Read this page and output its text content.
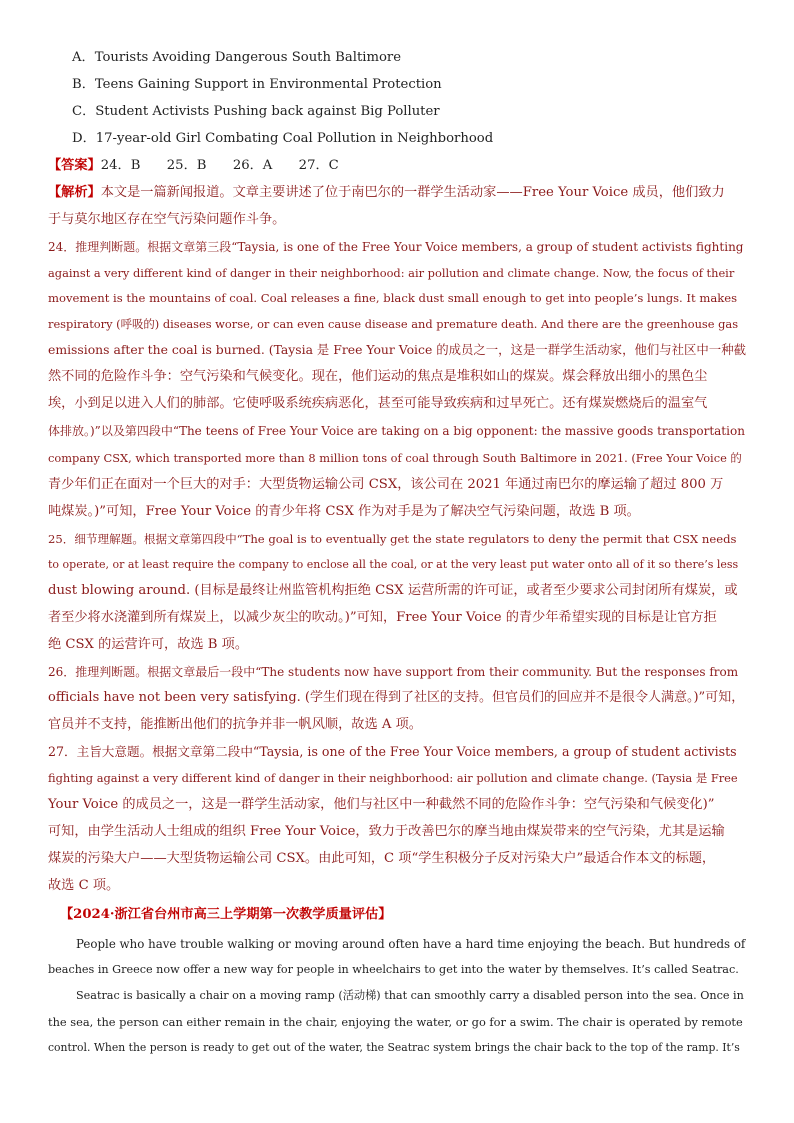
A．Tourists Avoiding Dangerous South Baltimore
B．Teens Gaining Support in Environmental Protection
C．Student Activists Pushing back against Big Polluter
D．17-year-old Girl Combating Coal Pollution in Neighborhood
【答案】24．B　　25．B　　26．A　　27．C
【解析】本文是一篇新闻报道。文章主要讲述了位于南巴尔的一群学生活动家——Free Your Voice 成员，他们致力
于与莫尔地区存在空气污染问题作斗争。
24．推理判断题。根据文章第三段“Taysia, is one of the Free Your Voice members, a group of student activists fighting
against a very different kind of danger in their neighborhood: air pollution and climate change. Now, the focus of their
movement is the mountains of coal. Coal releases a fine, black dust small enough to get into people’s lungs. It makes
respiratory (呼吸的) diseases worse, or can even cause disease and premature death. And there are the greenhouse gas
emissions after the coal is burned. (Taysia 是 Free Your Voice 的成员之一，这是一群学生活动家，他们与社区中一种截
然不同的危险作斗争：空气污染和气候变化。现在，他们运动的焦点是堆积如山的煤炭。煤会释放出细小的黑色尘
埃，小到足以进入人们的肺部。它使呼吸系统疾病恶化，甚至可能导致疾病和过早死亡。还有煤炭燃烧后的温室气
体排放。)”以及第四段中“The teens of Free Your Voice are taking on a big opponent: the massive goods transportation
company CSX, which transported more than 8 million tons of coal through South Baltimore in 2021. (Free Your Voice 的
青少年们正在面对一个巨大的对手：大型货物运输公司 CSX，该公司在 2021 年通过南巴尔的摩运输了超过 800 万
吨煤炭。)”可知，Free Your Voice 的青少年将 CSX 作为对手是为了解决空气污染问题，故选 B 项。
25．细节理解题。根据文章第四段中“The goal is to eventually get the state regulators to deny the permit that CSX needs
to operate, or at least require the company to enclose all the coal, or at the very least put water onto all of it so there’s less
dust blowing around. (目标是最终让州监管机构拒绝 CSX 运营所需的许可证，或者至少要求公司封闭所有煤炭，或
者至少将水浇灌到所有煤炭上，以减少灰尘的吹动。)”可知，Free Your Voice 的青少年希望实现的目标是让官方拒
绝 CSX 的运营许可，故选 B 项。
26．推理判断题。根据文章最后一段中“The students now have support from their community. But the responses from
officials have not been very satisfying. (学生们现在得到了社区的支持。但官员们的回应并不是很令人满意。)”可知，
官员并不支持，能推断出他们的抗争并非一帆风顺，故选 A 项。
27．主旨大意题。根据文章第二段中“Taysia, is one of the Free Your Voice members, a group of student activists
fighting against a very different kind of danger in their neighborhood: air pollution and climate change. (Taysia 是 Free
Your Voice 的成员之一，这是一群学生活动家，他们与社区中一种截然不同的危险作斗争：空气污染和气候变化)”
可知，由学生活动人士组成的组织 Free Your Voice，致力于改善巴尔的摩当地由煤炭带来的空气污染，尤其是运输
煤炭的污染大户——大型货物运输公司 CSX。由此可知，C 项“学生积极分子反对污染大户”最适合作本文的标题，
故选 C 项。
【2024·浙江省台州市高三上学期第一次教学质量评估】
People who have trouble walking or moving around often have a hard time enjoying the beach. But hundreds of
beaches in Greece now offer a new way for people in wheelchairs to get into the water by themselves. It’s called Seatrac.
Seatrac is basically a chair on a moving ramp (活动梯) that can smoothly carry a disabled person into the sea. Once in
the sea, the person can either remain in the chair, enjoying the water, or go for a swim. The chair is operated by remote
control. When the person is ready to get out of the water, the Seatrac system brings the chair back to the top of the ramp. It’s
